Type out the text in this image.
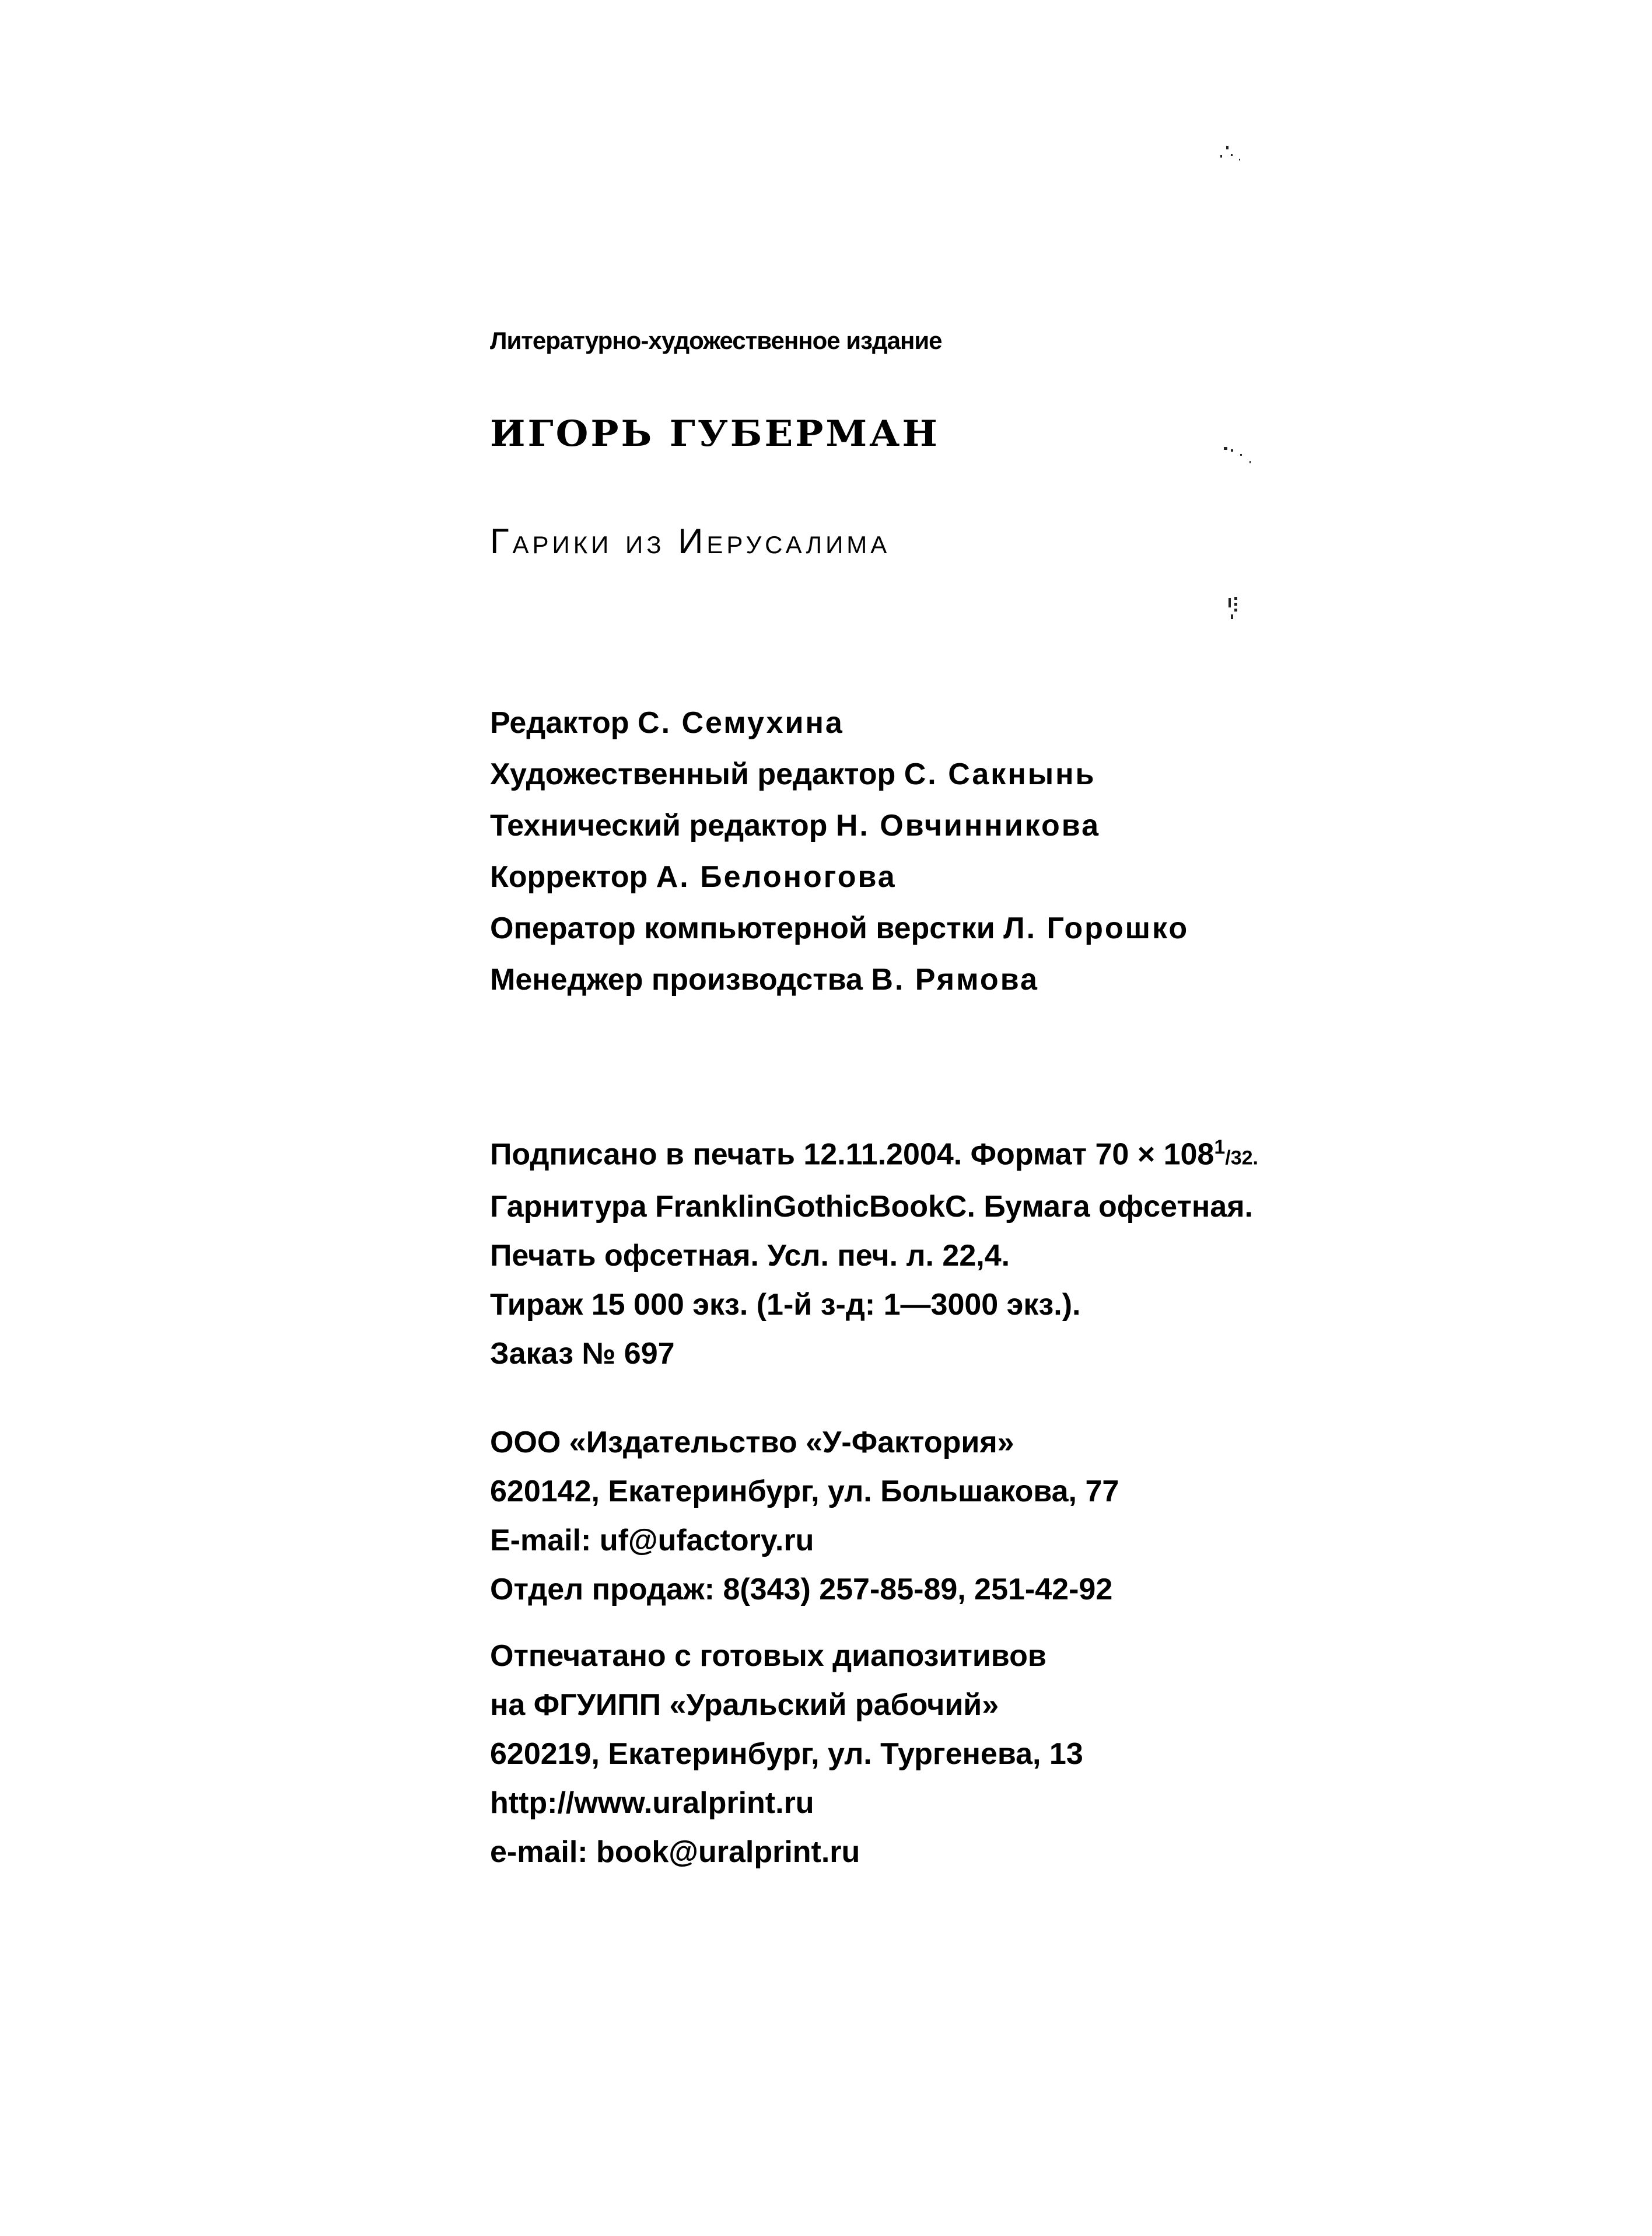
Литературно-художественное издание
ИГОРЬ ГУБЕРМАН
Гарики из Иерусалима
Редактор С. Семухина
Художественный редактор С. Сакнынь
Технический редактор Н. Овчинникова
Корректор А. Белоногова
Оператор компьютерной верстки Л. Горошко
Менеджер производства В. Рямова
Подписано в печать 12.11.2004. Формат $70 \times 108^1/32$.
Гарнитура FranklinGothicBookC. Бумага офсетная.
Печать офсетная. Усл. печ. л. 22,4.
Тираж 15 000 экз. (1-й з-д: 1—3000 экз.).
Заказ № 697
ООО «Издательство «У-Фактория»
620142, Екатеринбург, ул. Большакова, 77
E-mail: uf@ufactory.ru
Отдел продаж: 8(343) 257-85-89, 251-42-92
Отпечатано с готовых диапозитивов
на ФГУИПП «Уральский рабочий»
620219, Екатеринбург, ул. Тургенева, 13
http://www.uralprint.ru
e-mail: book@uralprint.ru
